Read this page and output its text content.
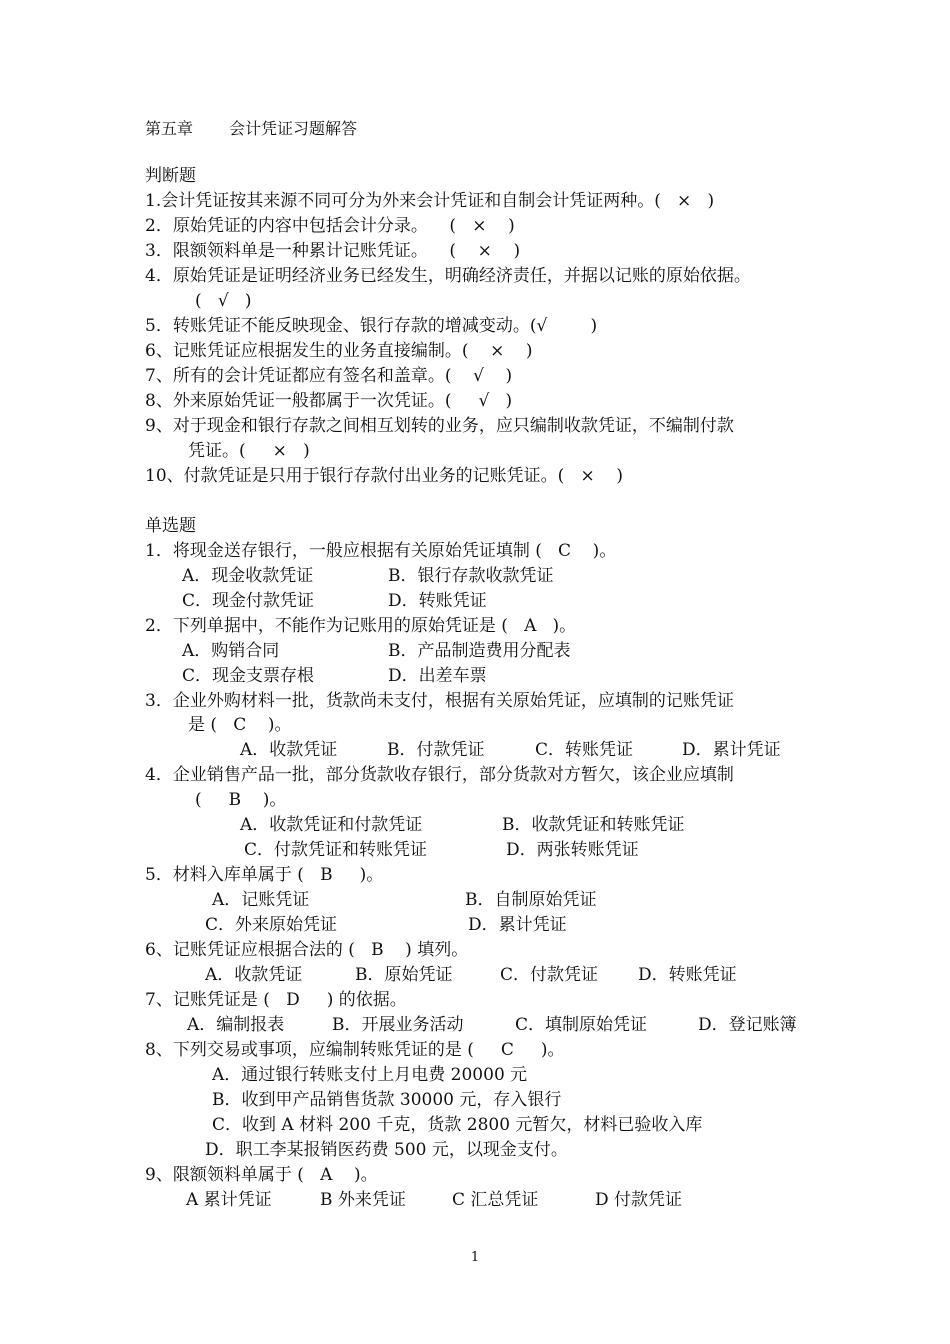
第五章 会计凭证习题解答
判断题
1.会计凭证按其来源不同可分为外来会计凭证和自制会计凭证两种。(   ×   )
2．原始凭证的内容中包括会计分录。    (   ×    )
3．限额领料单是一种累计记账凭证。    (    ×    )
4．原始凭证是证明经济业务已经发生，明确经济责任，并据以记账的原始依据。
(   √   )
5．转账凭证不能反映现金、银行存款的增减变动。(√        )
6、记账凭证应根据发生的业务直接编制。(    ×    )
7、所有的会计凭证都应有签名和盖章。(    √    )
8、外来原始凭证一般都属于一次凭证。(     √   )
9、对于现金和银行存款之间相互划转的业务，应只编制收款凭证，不编制付款
凭证。(     ×   )
10、付款凭证是只用于银行存款付出业务的记账凭证。(   ×    )
单选题
1．将现金送存银行，一般应根据有关原始凭证填制 (   C    )。
A．现金收款凭证	B．银行存款收款凭证
C．现金付款凭证	D．转账凭证
2．下列单据中，不能作为记账用的原始凭证是 (   A   )。
A．购销合同	B．产品制造费用分配表
C．现金支票存根	D．出差车票
3．企业外购材料一批，货款尚未支付，根据有关原始凭证，应填制的记账凭证
是 (   C    )。
A．收款凭证	B．付款凭证	C．转账凭证	D．累计凭证
4．企业销售产品一批，部分货款收存银行，部分货款对方暂欠，该企业应填制
(     B    )。
A．收款凭证和付款凭证	B．收款凭证和转账凭证
C．付款凭证和转账凭证	D．两张转账凭证
5．材料入库单属于 (   B     )。
A．记账凭证	B．自制原始凭证
C．外来原始凭证	D．累计凭证
6、记账凭证应根据合法的 (   B    ) 填列。
A．收款凭证	B．原始凭证	C．付款凭证 D．转账凭证
7、记账凭证是 (   D     ) 的依据。
A．编制报表	B．开展业务活动	C．填制原始凭证	D．登记账簿
8、下列交易或事项，应编制转账凭证的是 (     C     )。
A．通过银行转账支付上月电费 20000 元
B．收到甲产品销售货款 30000 元，存入银行
C．收到 A 材料 200 千克，货款 2800 元暂欠，材料已验收入库
D．职工李某报销医药费 500 元，以现金支付。
9、限额领料单属于 (   A    )。
A 累计凭证	B 外来凭证	C 汇总凭证	D 付款凭证
1
